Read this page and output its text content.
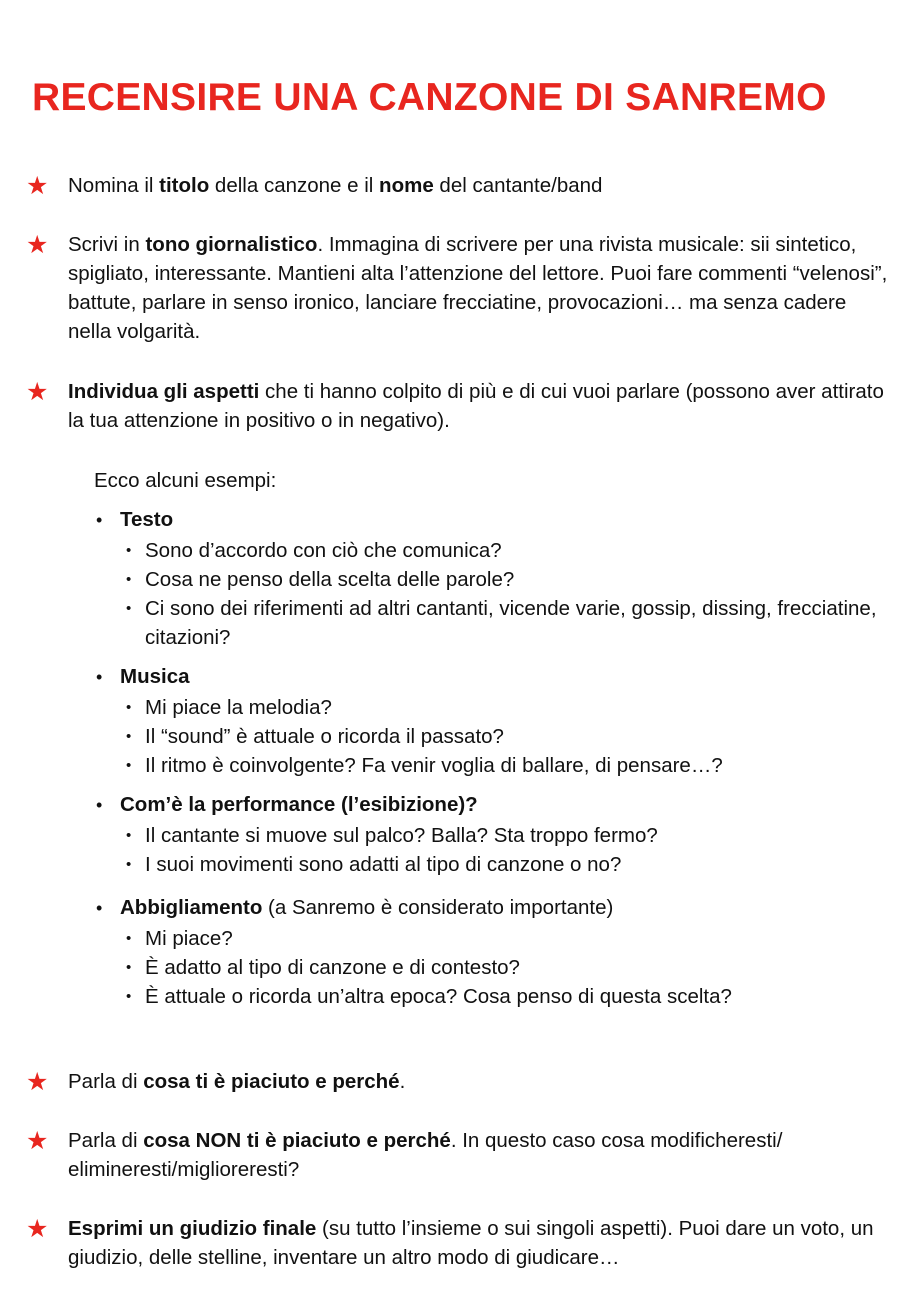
RECENSIRE UNA CANZONE DI SANREMO
★ Nomina il titolo della canzone e il nome del cantante/band
★ Scrivi in tono giornalistico. Immagina di scrivere per una rivista musicale: sii sintetico, spigliato, interessante. Mantieni alta l’attenzione del lettore. Puoi fare commenti “velenosi”, battute, parlare in senso ironico, lanciare frecciatine, provocazioni… ma senza cadere nella volgarità.
★ Individua gli aspetti che ti hanno colpito di più e di cui vuoi parlare (possono aver attirato la tua attenzione in positivo o in negativo).
Ecco alcuni esempi:
• Testo
• Sono d’accordo con ciò che comunica?
• Cosa ne penso della scelta delle parole?
• Ci sono dei riferimenti ad altri cantanti, vicende varie, gossip, dissing, frecciatine, citazioni?
• Musica
• Mi piace la melodia?
• Il “sound” è attuale o ricorda il passato?
• Il ritmo è coinvolgente? Fa venir voglia di ballare, di pensare…?
• Com’è la performance (l’esibizione)?
• Il cantante si muove sul palco? Balla? Sta troppo fermo?
• I suoi movimenti sono adatti al tipo di canzone o no?
• Abbigliamento (a Sanremo è considerato importante)
• Mi piace?
• È adatto al tipo di canzone e di contesto?
• È attuale o ricorda un’altra epoca? Cosa penso di questa scelta?
★ Parla di cosa ti è piaciuto e perché.
★ Parla di cosa NON ti è piaciuto e perché. In questo caso cosa modificheresti/ elimineresti/miglioreresti?
★ Esprimi un giudizio finale (su tutto l’insieme o sui singoli aspetti). Puoi dare un voto, un giudizio, delle stelline, inventare un altro modo di giudicare…
